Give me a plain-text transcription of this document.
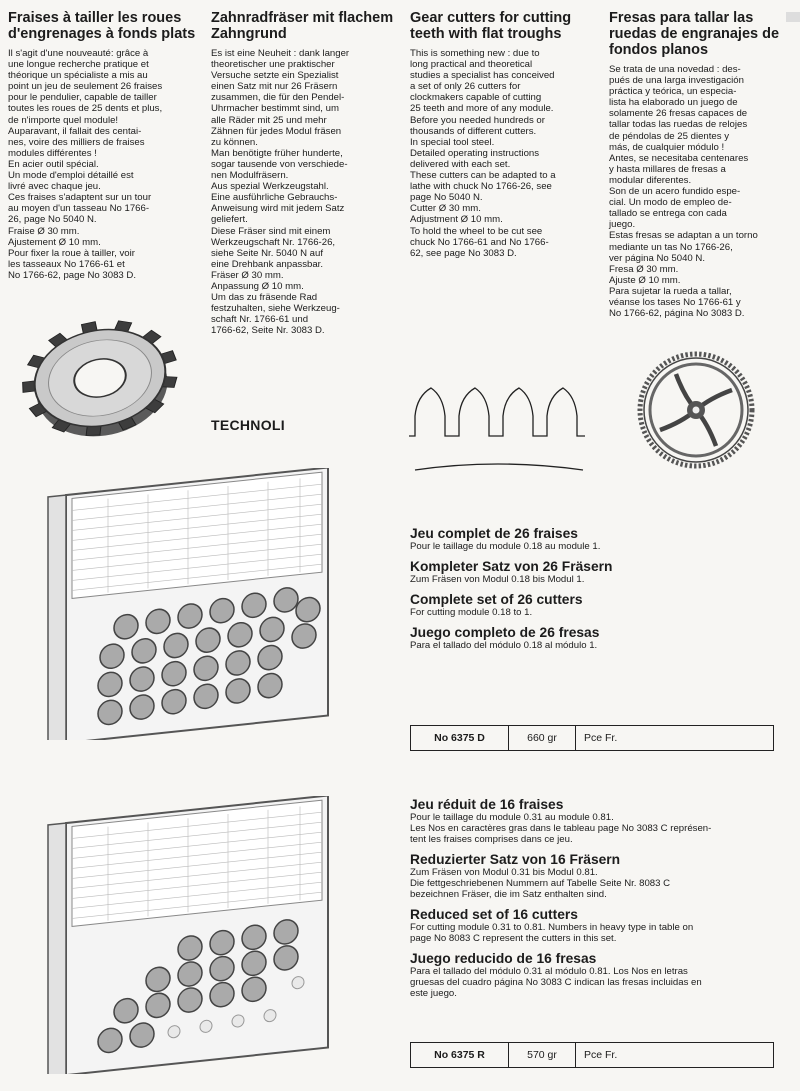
Fraises à tailler les roues d'engrenages à fonds plats

Il s'agit d'une nouveauté: grâce à
une longue recherche pratique et
théorique un spécialiste a mis au
point un jeu de seulement 26 fraises
pour le pendulier, capable de tailler
toutes les roues de 25 dents et plus,
de n'importe quel module!
Auparavant, il fallait des centai-
nes, voire des milliers de fraises
modules différentes !
En acier outil spécial.
Un mode d'emploi détaillé est
livré avec chaque jeu.
Ces fraises s'adaptent sur un tour
au moyen d'un tasseau No 1766-
26, page No 5040 N.
Fraise Ø 30 mm.
Ajustement Ø 10 mm.
Pour fixer la roue à tailler, voir
les tasseaux No 1766-61 et
No 1766-62, page No 3083 D.

Zahnradfräser mit flachem Zahngrund

Es ist eine Neuheit : dank langer
theoretischer une praktischer
Versuche setzte ein Spezialist
einen Satz mit nur 26 Fräsern
zusammen, die für den Pendel-
Uhrmacher bestimmt sind, um
alle Räder mit 25 und mehr
Zähnen für jedes Modul fräsen
zu können.
Man benötigte früher hunderte,
sogar tausende von verschiede-
nen Modulfräsern.
Aus spezial Werkzeugstahl.
Eine ausführliche Gebrauchs-
Anweisung wird mit jedem Satz
geliefert.
Diese Fräser sind mit einem
Werkzeugschaft Nr. 1766-26,
siehe Seite Nr. 5040 N auf
eine Drehbank anpassbar.
Fräser Ø 30 mm.
Anpassung Ø 10 mm.
Um das zu fräsende Rad
festzuhalten, siehe Werkzeug-
schaft Nr. 1766-61 und
1766-62, Seite Nr. 3083 D.

Gear cutters for cutting teeth with flat troughs

This is something new : due to
long practical and theoretical
studies a specialist has conceived
a set of only 26 cutters for
clockmakers capable of cutting
25 teeth and more of any module.
Before you needed hundreds or
thousands of different cutters.
In special tool steel.
Detailed operating instructions
delivered with each set.
These cutters can be adapted to a
lathe with chuck No 1766-26, see
page No 5040 N.
Cutter Ø 30 mm.
Adjustment Ø 10 mm.
To hold the wheel to be cut see
chuck No 1766-61 and No 1766-
62, see page No 3083 D.

Fresas para tallar las ruedas de engranajes de fondos planos

Se trata de una novedad : des-
pués de una larga investigación
práctica y teórica, un especia-
lista ha elaborado un juego de
solamente 26 fresas capaces de
tallar todas las ruedas de relojes
de péndolas de 25 dientes y
más, de cualquier módulo !
Antes, se necesitaba centenares
y hasta millares de fresas a
modular diferentes.
Son de un acero fundido espe-
cial. Un modo de empleo de-
tallado se entrega con cada
juego.
Estas fresas se adaptan a un torno
mediante un tas No 1766-26,
ver página No 5040 N.
Fresa Ø 30 mm.
Ajuste Ø 10 mm.
Para sujetar la rueda a tallar,
véanse los tases No 1766-61 y
No 1766-62, página No 3083 D.

TECHNOLI
Jeu complet de 26 fraises

Pour le taillage du module 0.18 au module 1.

Kompleter Satz von 26 Fräsern

Zum Fräsen von Modul 0.18 bis Modul 1.

Complete set of 26 cutters

For cutting module 0.18 to 1.

Juego completo de 26 fresas

Para el tallado del módulo 0.18 al módulo 1.

No 6375 D	660 gr	Pce Fr.
Jeu réduit de 16 fraises

Pour le taillage du module 0.31 au module 0.81.
Les Nos en caractères gras dans le tableau page No 3083 C représen-
tent les fraises comprises dans ce jeu.

Reduzierter Satz von 16 Fräsern

Zum Fräsen von Modul 0.31 bis Modul 0.81.
Die fettgeschriebenen Nummern auf Tabelle Seite Nr. 8083 C
bezeichnen Fräser, die im Satz enthalten sind.

Reduced set of 16 cutters

For cutting module 0.31 to 0.81. Numbers in heavy type in table on
page No 8083 C represent the cutters in this set.

Juego reducido de 16 fresas

Para el tallado del módulo 0.31 al módulo 0.81. Los Nos en letras
gruesas del cuadro página No 3083 C indican las fresas incluidas en
este juego.

No 6375 R	570 gr	Pce Fr.
